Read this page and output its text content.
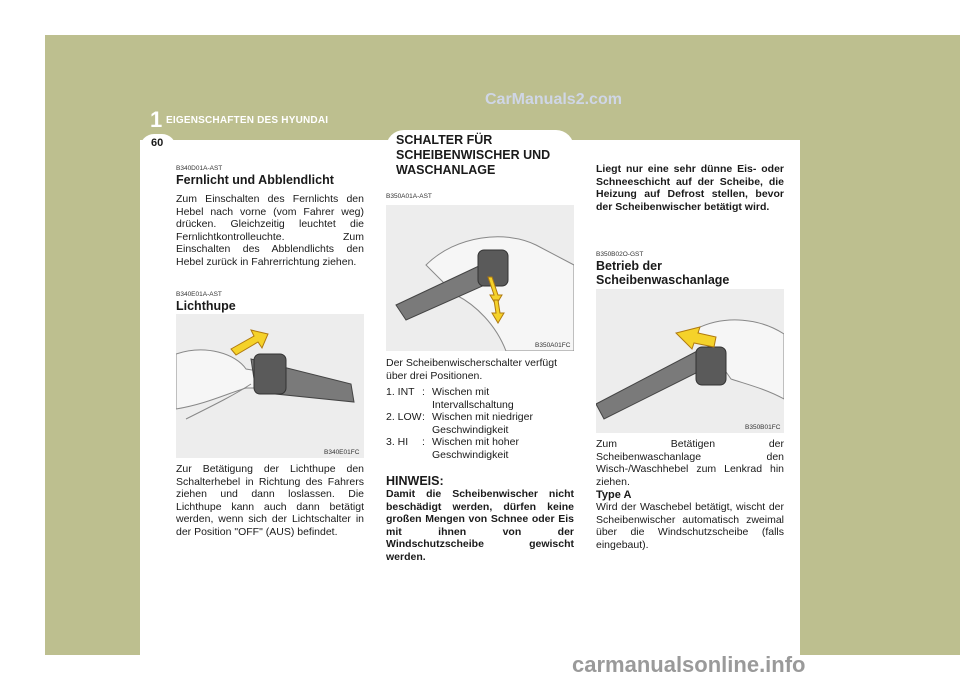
CarManuals2.com
1 EIGENSCHAFTEN DES HYUNDAI
60
B340D01A-AST
Fernlicht und Abblendlicht
Zum Einschalten des Fernlichts den Hebel nach vorne (vom Fahrer weg) drücken. Gleichzeitig leuchtet die Fernlichtkontrolleuchte. Zum Einschalten des Abblendlichts den Hebel zurück in Fahrerrichtung ziehen.
B340E01A-AST
Lichthupe
B340E01FC
Zur Betätigung der Lichthupe den Schalterhebel in Richtung des Fahrers ziehen und dann loslassen. Die Lichthupe kann auch dann betätigt werden, wenn sich der Lichtschalter in der Position "OFF" (AUS) befindet.
SCHALTER FÜR SCHEIBENWISCHER UND WASCHANLAGE
B350A01A-AST
B350A01FC
Der Scheibenwischerschalter verfügt über drei Positionen.
1. INT : Wischen mit Intervallschaltung
2. LOW : Wischen mit niedriger Geschwindigkeit
3. HI	: Wischen mit hoher Geschwindigkeit
HINWEIS:
Damit die Scheibenwischer nicht beschädigt werden, dürfen keine großen Mengen von Schnee oder Eis mit ihnen von der Windschutzscheibe gewischt werden.
Liegt nur eine sehr dünne Eis- oder Schneeschicht auf der Scheibe, die Heizung auf Defrost stellen, bevor der Scheibenwischer betätigt wird.
B350B02O-GST
Betrieb der Scheibenwaschanlage
B350B01FC
Zum Betätigen der Scheibenwaschanlage den Wisch-/Waschhebel zum Lenkrad hin ziehen.
Type A
Wird der Waschebel betätigt, wischt der Scheibenwischer automatisch zweimal über die Windschutzscheibe (falls eingebaut).
carmanualsonline.info
